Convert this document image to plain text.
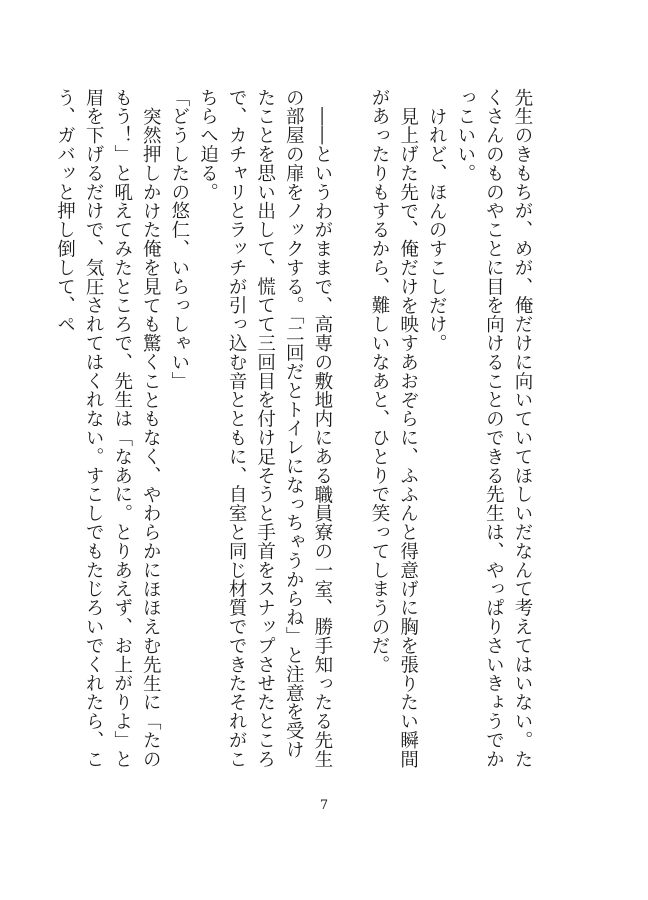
先生のきもちが、めが、俺だけに向いていてほしいだなんて考えてはいない。たくさんのものやことに目を向けることのできる先生は、やっぱりさいきょうでかっこいい。

けれど、ほんのすこしだけ。

見上げた先で、俺だけを映すあおぞらに、ふふんと得意げに胸を張りたい瞬間があったりもするから、難しいなあと、ひとりで笑ってしまうのだ。

――というわがままで、高専の敷地内にある職員寮の一室、勝手知ったる先生の部屋の扉をノックする。「二回だとトイレになっちゃうからね」と注意を受けたことを思い出して、慌てて三回目を付け足そうと手首をスナップさせたところで、カチャリとラッチが引っ込む音とともに、自室と同じ材質でできたそれがこちらへ迫る。

「どうしたの悠仁、いらっしゃい」

突然押しかけた俺を見ても驚くこともなく、やわらかにほほえむ先生に「たのもう！」と吼えてみたところで、先生は「なあに。とりあえず、お上がりよ」と眉を下げるだけで、気圧されてはくれない。すこしでもたじろいでくれたら、こう、ガバッと押し倒して、ペ

7
